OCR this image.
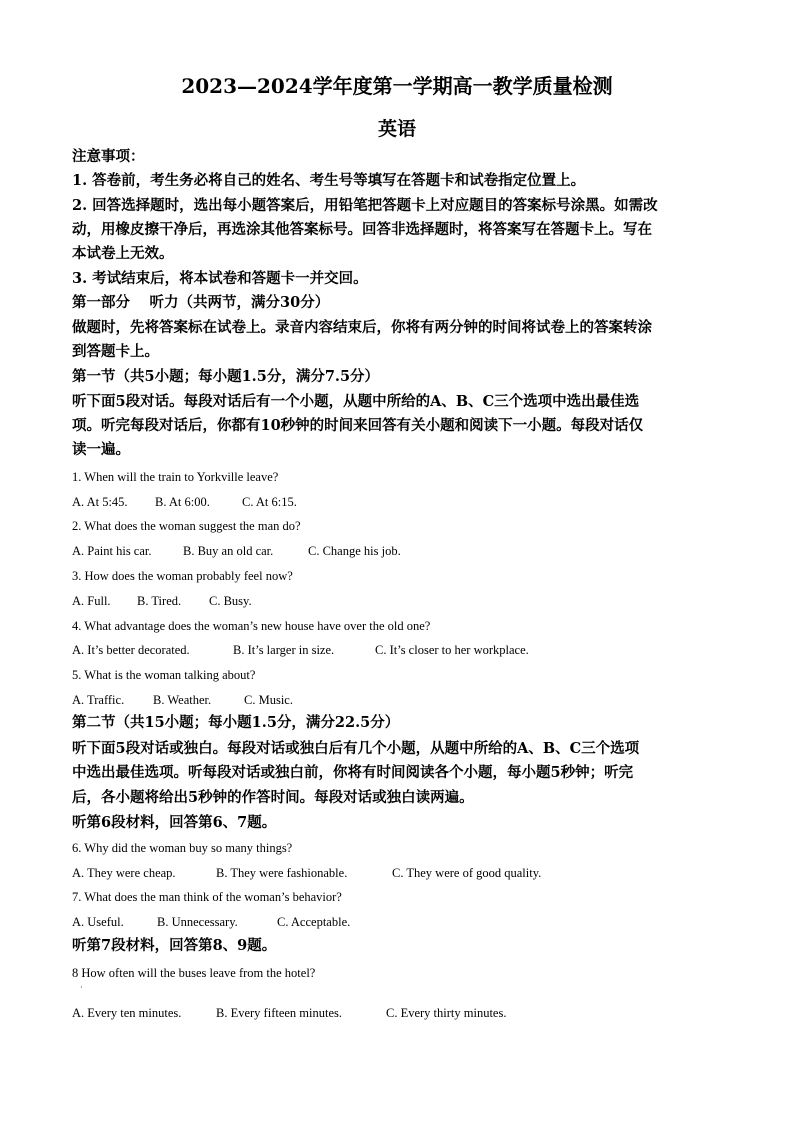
2023—2024学年度第一学期高一教学质量检测
英语
注意事项：
1. 答卷前，考生务必将自己的姓名、考生号等填写在答题卡和试卷指定位置上。
2. 回答选择题时，选出每小题答案后，用铅笔把答题卡上对应题目的答案标号涂黑。如需改
动，用橡皮擦干净后，再选涂其他答案标号。回答非选择题时，将答案写在答题卡上。写在
本试卷上无效。
3. 考试结束后，将本试卷和答题卡一并交回。
第一部分　 听力（共两节，满分30分）
做题时，先将答案标在试卷上。录音内容结束后，你将有两分钟的时间将试卷上的答案转涂
到答题卡上。
第一节（共5小题；每小题1.5分，满分7.5分）
听下面5段对话。每段对话后有一个小题，从题中所给的A、B、C三个选项中选出最佳选
项。听完每段对话后，你都有10秒钟的时间来回答有关小题和阅读下一小题。每段对话仅
读一遍。
1. When will the train to Yorkville leave?
A. At 5:45. B. At 6:00.	C. At 6:15.
2. What does the woman suggest the man do?
A. Paint his car.	B. Buy an old car.	C. Change his job.
3. How does the woman probably feel now?
A. Full. B. Tired. C. Busy.
4. What advantage does the woman’s new house have over the old one?
A. It’s better decorated.	B. It’s larger in size.	C. It’s closer to her workplace.
5. What is the woman talking about?
A. Traffic. B. Weather.	C. Music.
第二节（共15小题；每小题1.5分，满分22.5分）
听下面5段对话或独白。每段对话或独白后有几个小题，从题中所给的A、B、C三个选项
中选出最佳选项。听每段对话或独白前，你将有时间阅读各个小题，每小题5秒钟；听完
后，各小题将给出5秒钟的作答时间。每段对话或独白读两遍。
听第6段材料，回答第6、7题。
6. Why did the woman buy so many things?
A. They were cheap.	B. They were fashionable.	C. They were of good quality.
7. What does the man think of the woman’s behavior?
A. Useful.	B. Unnecessary.	C. Acceptable.
听第7段材料，回答第8、9题。
8 How often will the buses leave from the hotel?
·
A. Every ten minutes.	B. Every fifteen minutes.	C. Every thirty minutes.
